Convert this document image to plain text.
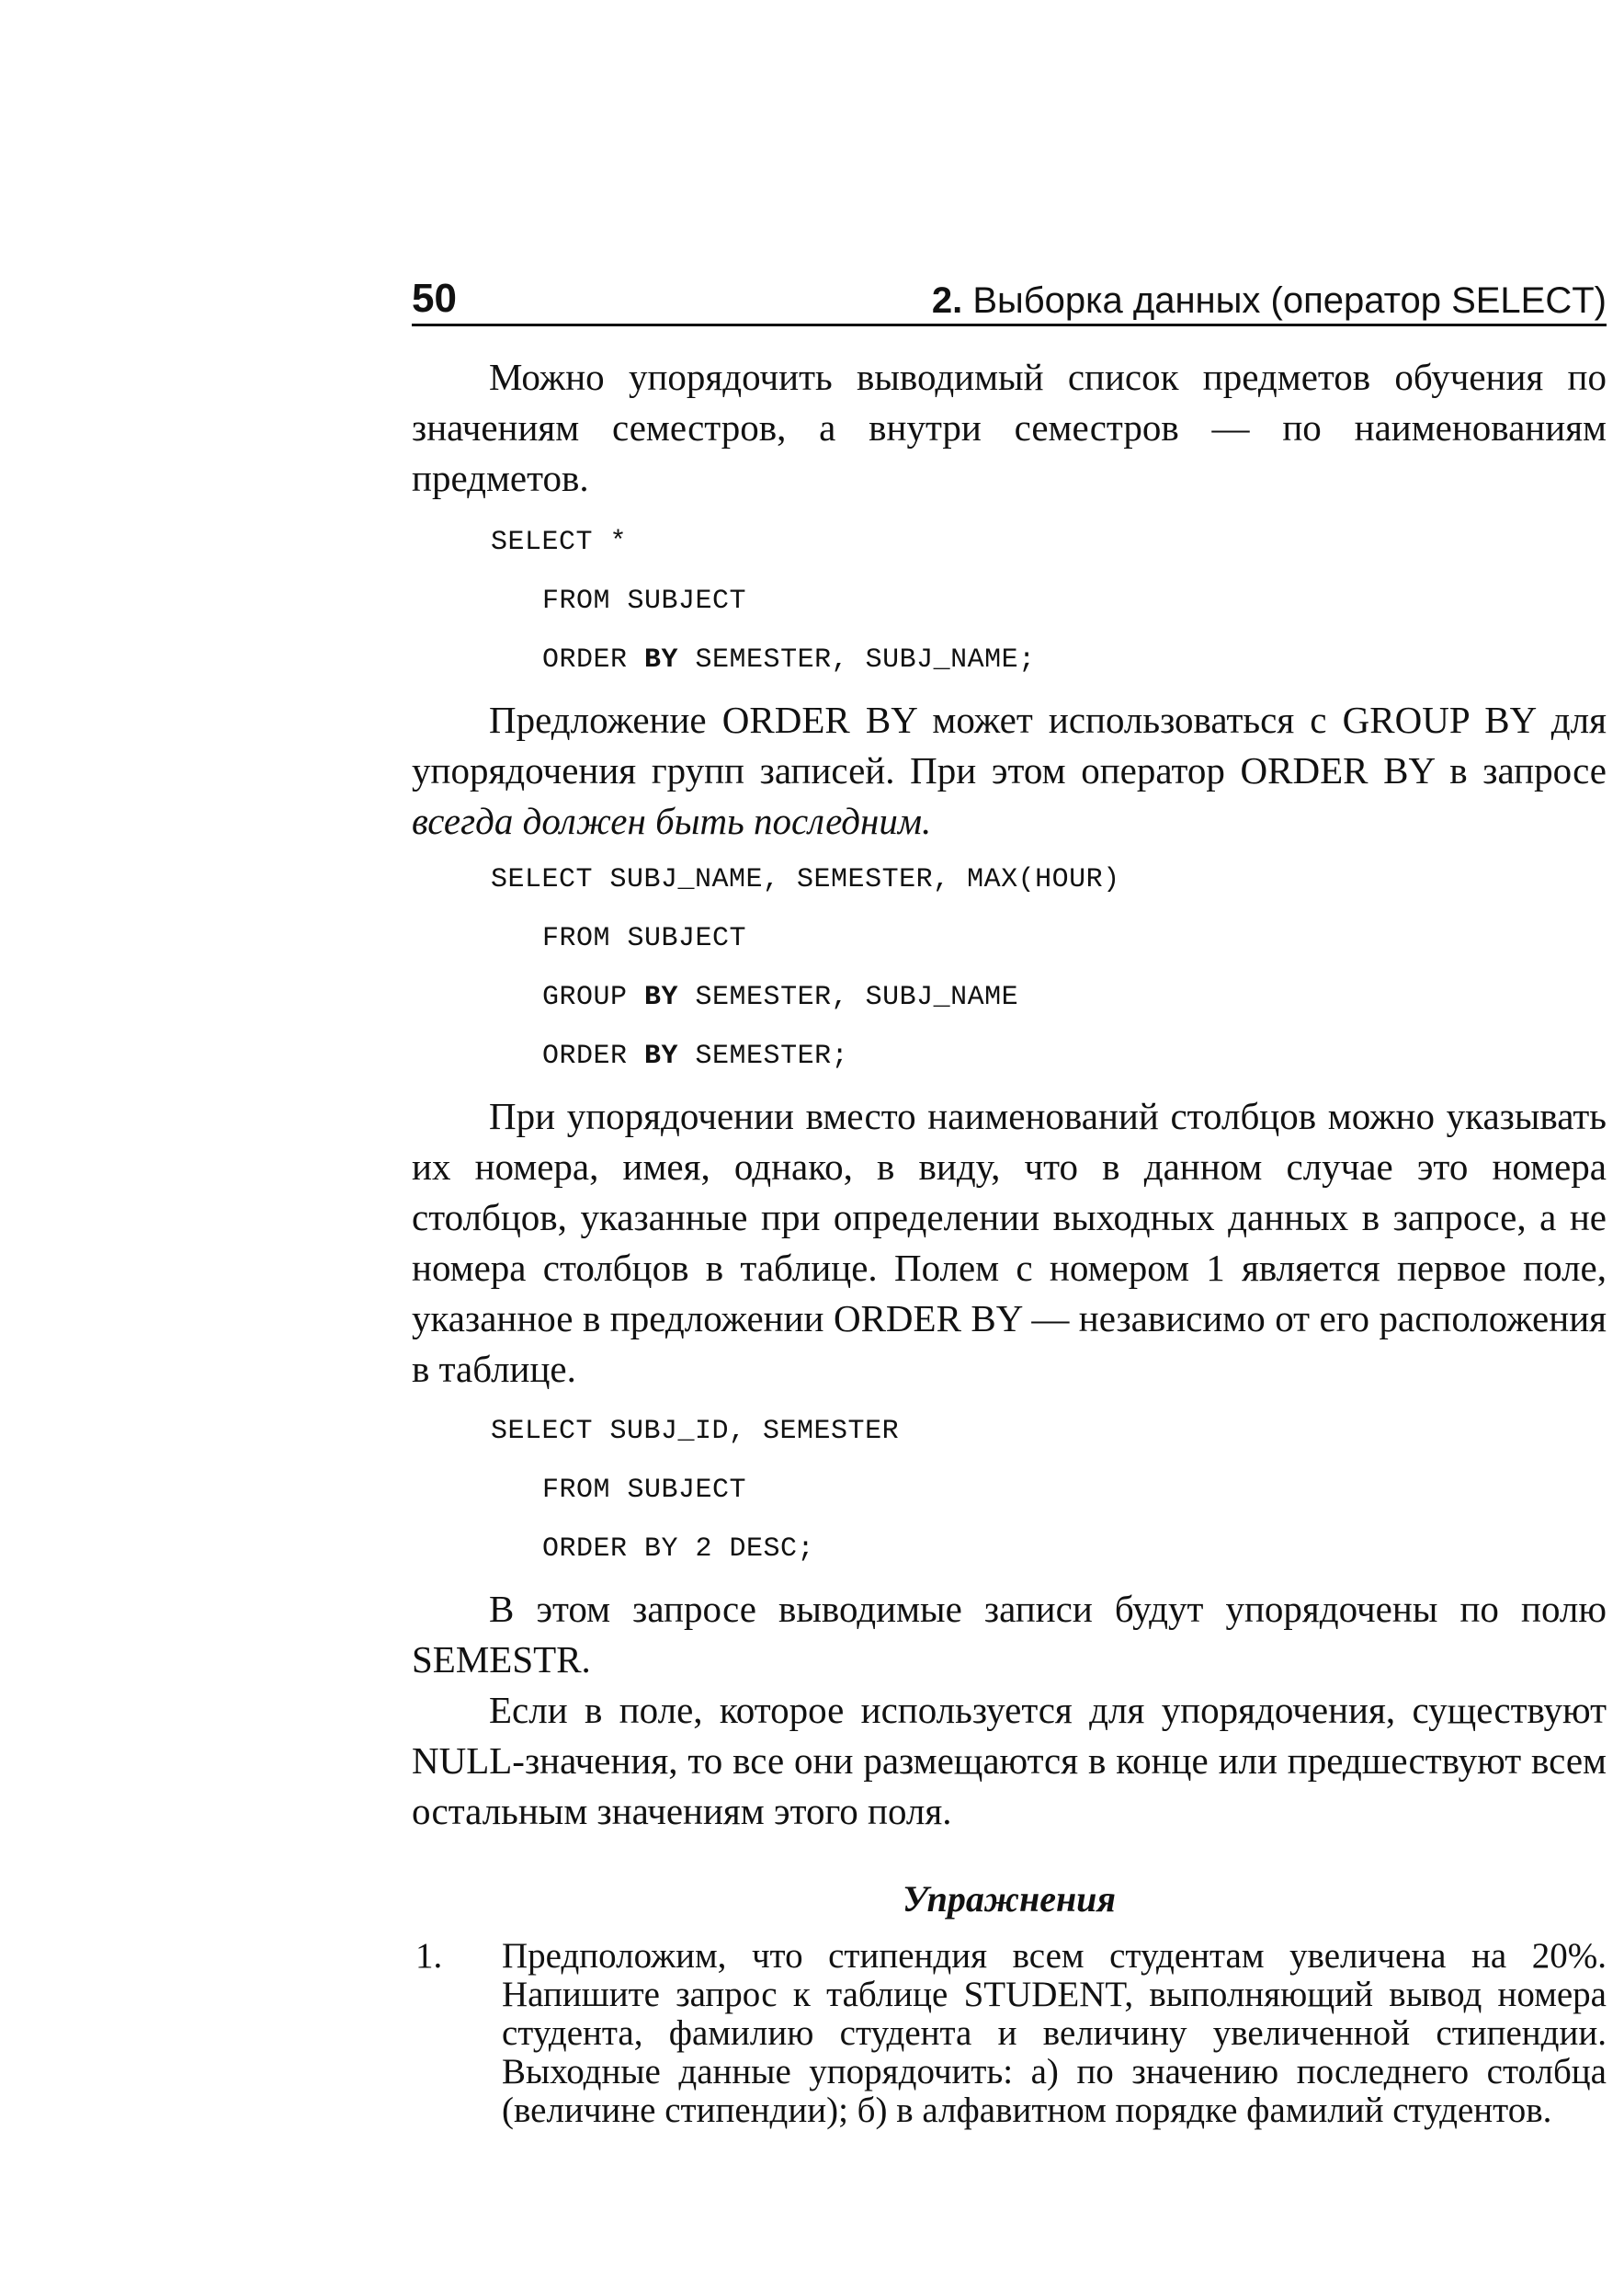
50	2. Выборка данных (оператор SELECT)

Можно упорядочить выводимый список предметов обучения по значениям семестров, а внутри семестров — по наименованиям предметов.

SELECT *

FROM SUBJECT

ORDER BY SEMESTER, SUBJ_NAME;

Предложение ORDER BY может использоваться с GROUP BY для упорядочения групп записей. При этом оператор ORDER BY в запросе всегда должен быть последним.

SELECT SUBJ_NAME, SEMESTER, MAX(HOUR)

FROM SUBJECT

GROUP BY SEMESTER, SUBJ_NAME

ORDER BY SEMESTER;

При упорядочении вместо наименований столбцов можно указывать их номера, имея, однако, в виду, что в данном случае это номера столбцов, указанные при определении выходных данных в запросе, а не номера столбцов в таблице. Полем с номером 1 является первое поле, указанное в предложении ORDER BY — независимо от его расположения в таблице.

SELECT SUBJ_ID, SEMESTER

FROM SUBJECT

ORDER BY 2 DESC;

В этом запросе выводимые записи будут упорядочены по полю SEMESTR.

Если в поле, которое используется для упорядочения, существуют NULL-значения, то все они размещаются в конце или предшествуют всем остальным значениям этого поля.

Упражнения

1.	Предположим, что стипендия всем студентам увеличена на 20%. Напишите запрос к таблице STUDENT, выполняющий вывод номера студента, фамилию студента и величину увеличенной стипендии. Выходные данные упорядочить: а) по значению последнего столбца (величине стипендии); б) в алфавитном порядке фамилий студентов.
